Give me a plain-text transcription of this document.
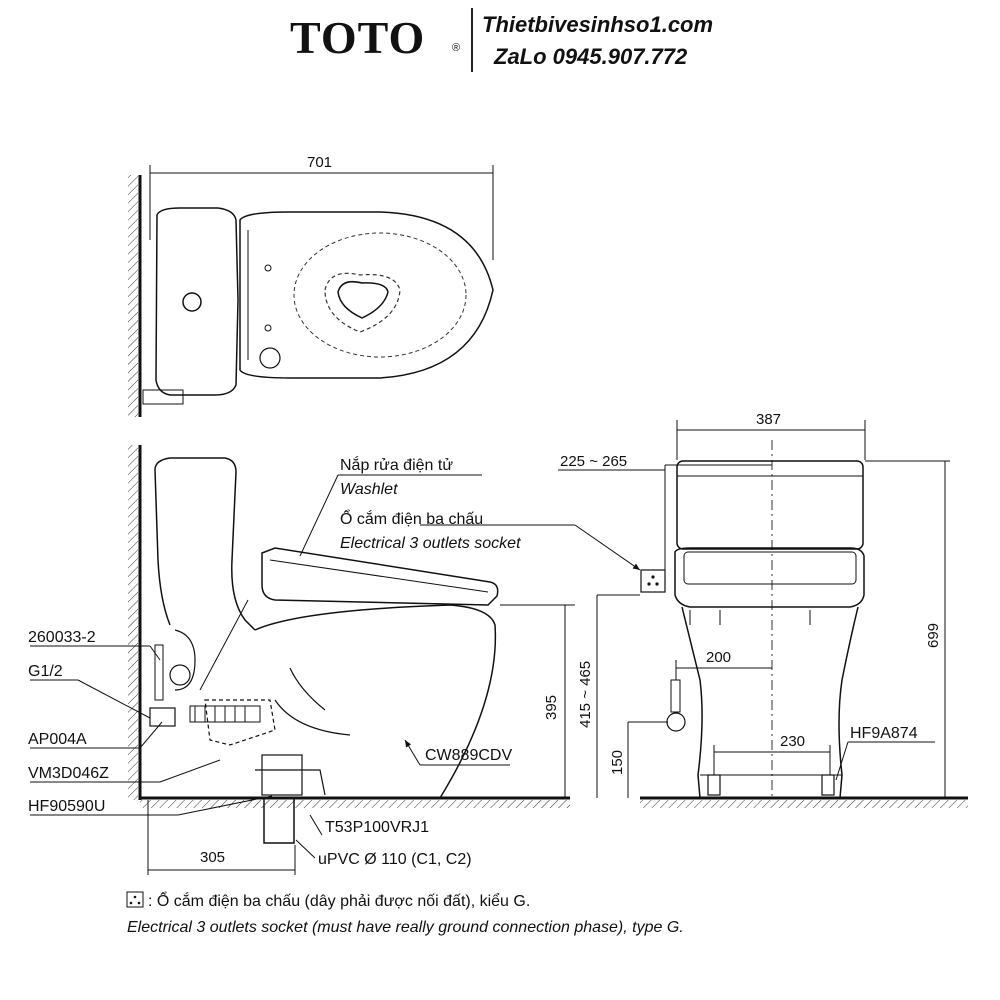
TOTO ®
Thietbivesinhso1.com
ZaLo 0945.907.772
701
395
305
Nắp rửa điện tử
Washlet
Ổ cắm điện ba chấu
Electrical 3 outlets socket
260033-2
G1/2
AP004A
VM3D046Z
HF90590U
CW889CDV
T53P100VRJ1
uPVC Ø 110 (C1, C2)
387
415 ~ 465
150
200
230
699
225 ~ 265
HF9A874
: Ổ cắm điện ba chấu (dây phải được nối đất), kiểu G.
Electrical 3 outlets socket (must have really ground connection phase), type G.
